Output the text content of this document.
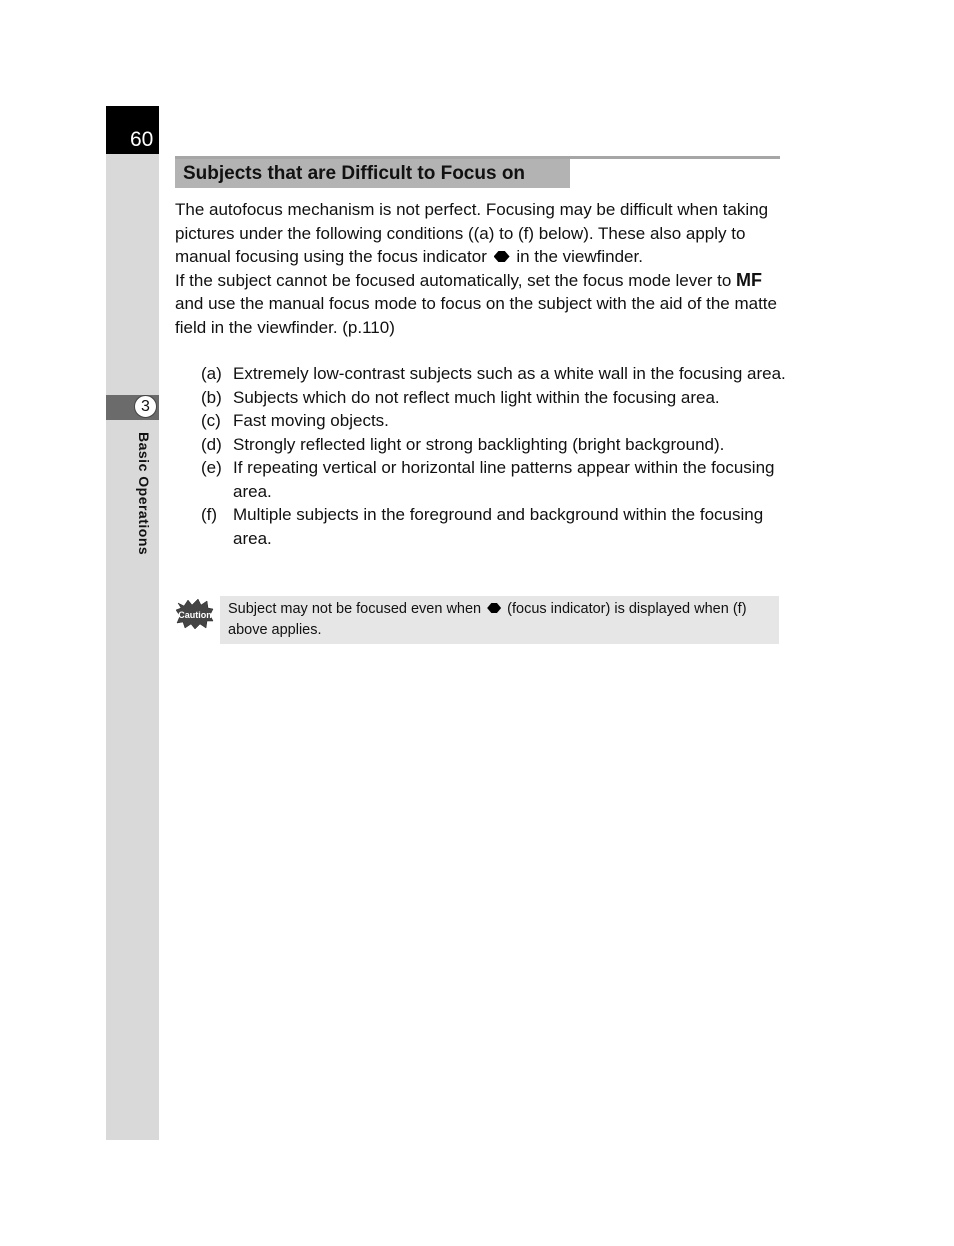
60
3
Basic Operations
Subjects that are Difficult to Focus on

The autofocus mechanism is not perfect. Focusing may be difficult when taking pictures under the following conditions ((a) to (f) below). These also apply to manual focusing using the focus indicator in the viewfinder.

If the subject cannot be focused automatically, set the focus mode lever to MF and use the manual focus mode to focus on the subject with the aid of the matte field in the viewfinder. (p.110)

(a) Extremely low-contrast subjects such as a white wall in the focusing area.
(b) Subjects which do not reflect much light within the focusing area.
(c) Fast moving objects.
(d) Strongly reflected light or strong backlighting (bright background).
(e) If repeating vertical or horizontal line patterns appear within the focusing area.
(f) Multiple subjects in the foreground and background within the focusing area.
Caution	Subject may not be focused even when (focus indicator) is displayed when (f) above applies.
